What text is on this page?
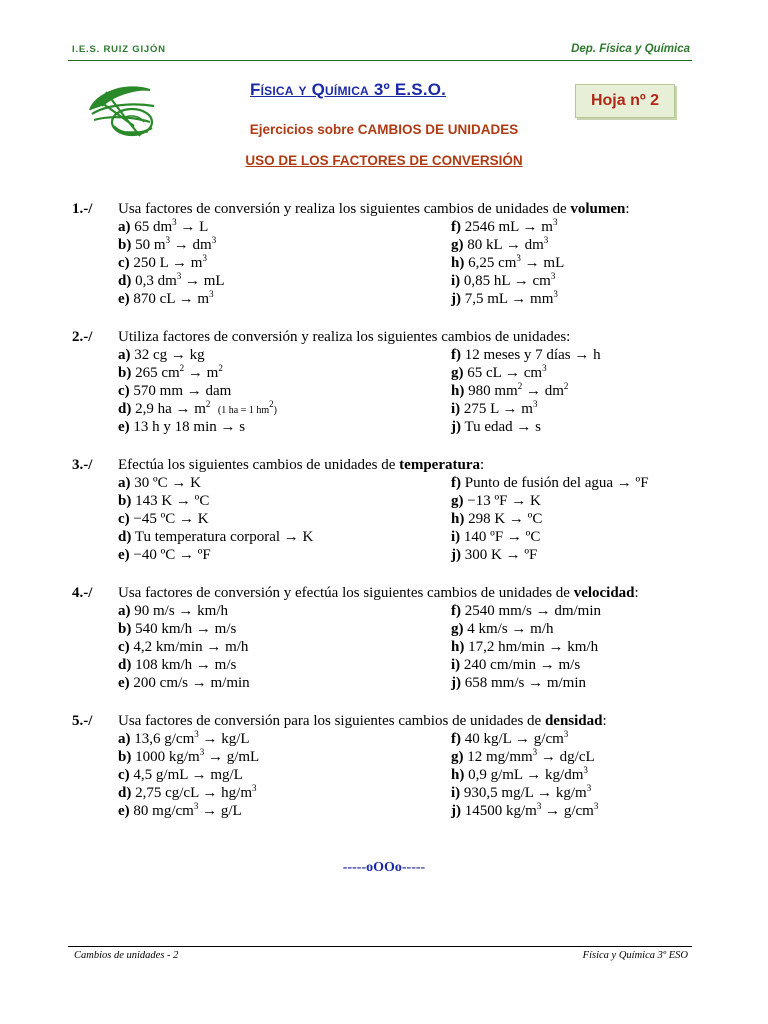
I.E.S. RUIZ GIJÓN	Dep. Física y Química
Física y Química 3º E.S.O.
Hoja nº 2
Ejercicios sobre CAMBIOS DE UNIDADES
USO DE LOS FACTORES DE CONVERSIÓN
1.-/ Usa factores de conversión y realiza los siguientes cambios de unidades de volumen:
a) 65 $dm^3 \to L$
b) 50 $m^3 \to dm^3$
c) 250 $L \to m^3$
d) 0,3 $dm^3$ → mL
e) 870 cL → $m^3$
f) 2546 mL → $m^3$
g) 80 kL → $dm^3$
h) 6,25 $cm^3$ → mL
i) 0,85 hL → $cm^3$
j) 7,5 mL → $mm^3$
2.-/ Utiliza factores de conversión y realiza los siguientes cambios de unidades:
a) 32 cg → kg
b) 265 $cm^2 \to m^2$
c) 570 mm → dam
d) 2,9 ha → $m^2$  (1 ha = 1 $hm^2$)
e) 13 h y 18 min → s
f) 12 meses y 7 días → h
g) 65 cL → $cm^3$
h) 980 $mm^2 \to dm^2$
i) 275 $L \to m^3$
j) Tu edad → s
3.-/ Efectúa los siguientes cambios de unidades de temperatura:
a) 30 ºC → K
b) 143 K → ºC
c) −45 ºC → K
d) Tu temperatura corporal → K
e) −40 ºC → ºF
f) Punto de fusión del agua → ºF
g) −13 ºF → K
h) 298 K → ºC
i) 140 ºF → ºC
j) 300 K → ºF
4.-/ Usa factores de conversión y efectúa los siguientes cambios de unidades de velocidad:
a) 90 m/s → km/h
b) 540 km/h → m/s
c) 4,2 km/min → m/h
d) 108 km/h → m/s
e) 200 cm/s → m/min
f) 2540 mm/s → dm/min
g) 4 km/s → m/h
h) 17,2 hm/min → km/h
i) 240 cm/min → m/s
j) 658 mm/s → m/min
5.-/ Usa factores de conversión para los siguientes cambios de unidades de densidad:
a) 13,6 $g/cm^3 \to kg/L$
b) 1000 $kg/m^3 \to g/mL$
c) 4,5 g/mL → mg/L
d) 2,75 $cg/cL \to hg/m^3$
e) 80 $mg/cm^3 \to g/L$
f) 40 $kg/L \to g/cm^3$
g) 12 $mg/mm^3 \to dg/cL$
h) 0,9 $g/mL \to kg/dm^3$
i) 930,5 $mg/L \to kg/m^3$
j) 14500 $kg/m^3 \to g/cm^3$
-----oOOo-----
Cambios de unidades - 2	Física y Química 3º ESO
